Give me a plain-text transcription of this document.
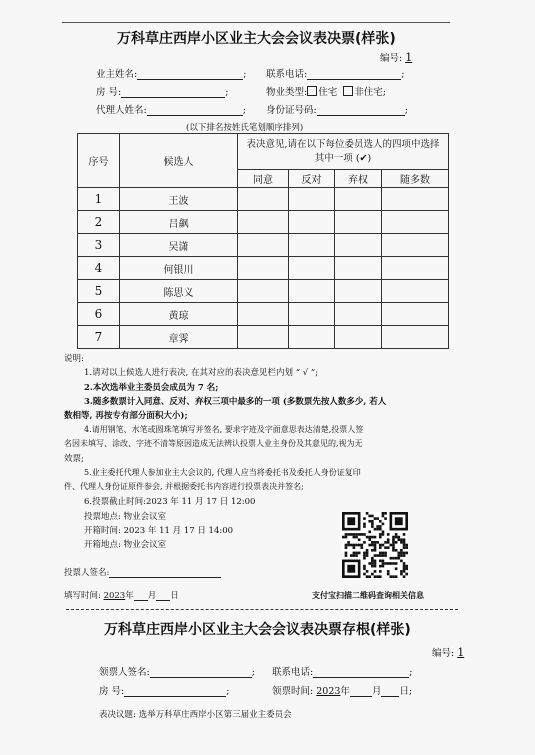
万科草庄西岸小区业主大会会议表决票(样张)
编号: 1
业主姓名:	; 联系电话:	;
房 号:	;	物业类型: 住宅 非住宅;
代理人姓名:	; 身份证号码:	;
(以下排名按姓氏笔划顺序排列)
序号	候选人	表决意见,请在以下每位委员选人的四项中选择其中一项 (✔)			
		同意	反对	弃权	随多数
1	王波				
2	吕飙				
3	吴潇				
4	何银川				
5	陈思义				
6	黄琼				
7	章霁				
说明:
1.请对以上候选人进行表决, 在其对应的表决意见栏内划 “ √ ”;
2.本次选举业主委员会成员为 7 名;
3.随多数票计入同意、反对、弃权三项中最多的一项 (多数票先按人数多少, 若人
数相等, 再按专有部分面积大小);
4.请用钢笔、水笔或圆珠笔填写并签名, 要求字迹及字面意思表达清楚,投票人签
名因未填写、涂改、字迹不清等原因造成无法辨认投票人业主身份及其意见的,视为无
效票;
5.业主委托代理人参加业主大会议的, 代理人应当将委托书及委托人身份证复印
件、代理人身份证原件参会, 并根据委托书内容进行投票表决并签名;
6.投票截止时间:2023 年 11 月 17 日 12:00
投票地点: 物业会议室
开箱时间: 2023 年 11 月 17 日 14:00
开箱地点: 物业会议室
投票人签名:
填写时间: 2023年 月 日	支付宝扫描二维码查询相关信息
万科草庄西岸小区业主大会会议表决票存根(样张)
编号: 1
领票人签名:	; 联系电话:	;
房 号:	;	领票时间: 2023年 月 日;
表决议题: 选举万科草庄西岸小区第三届业主委员会
